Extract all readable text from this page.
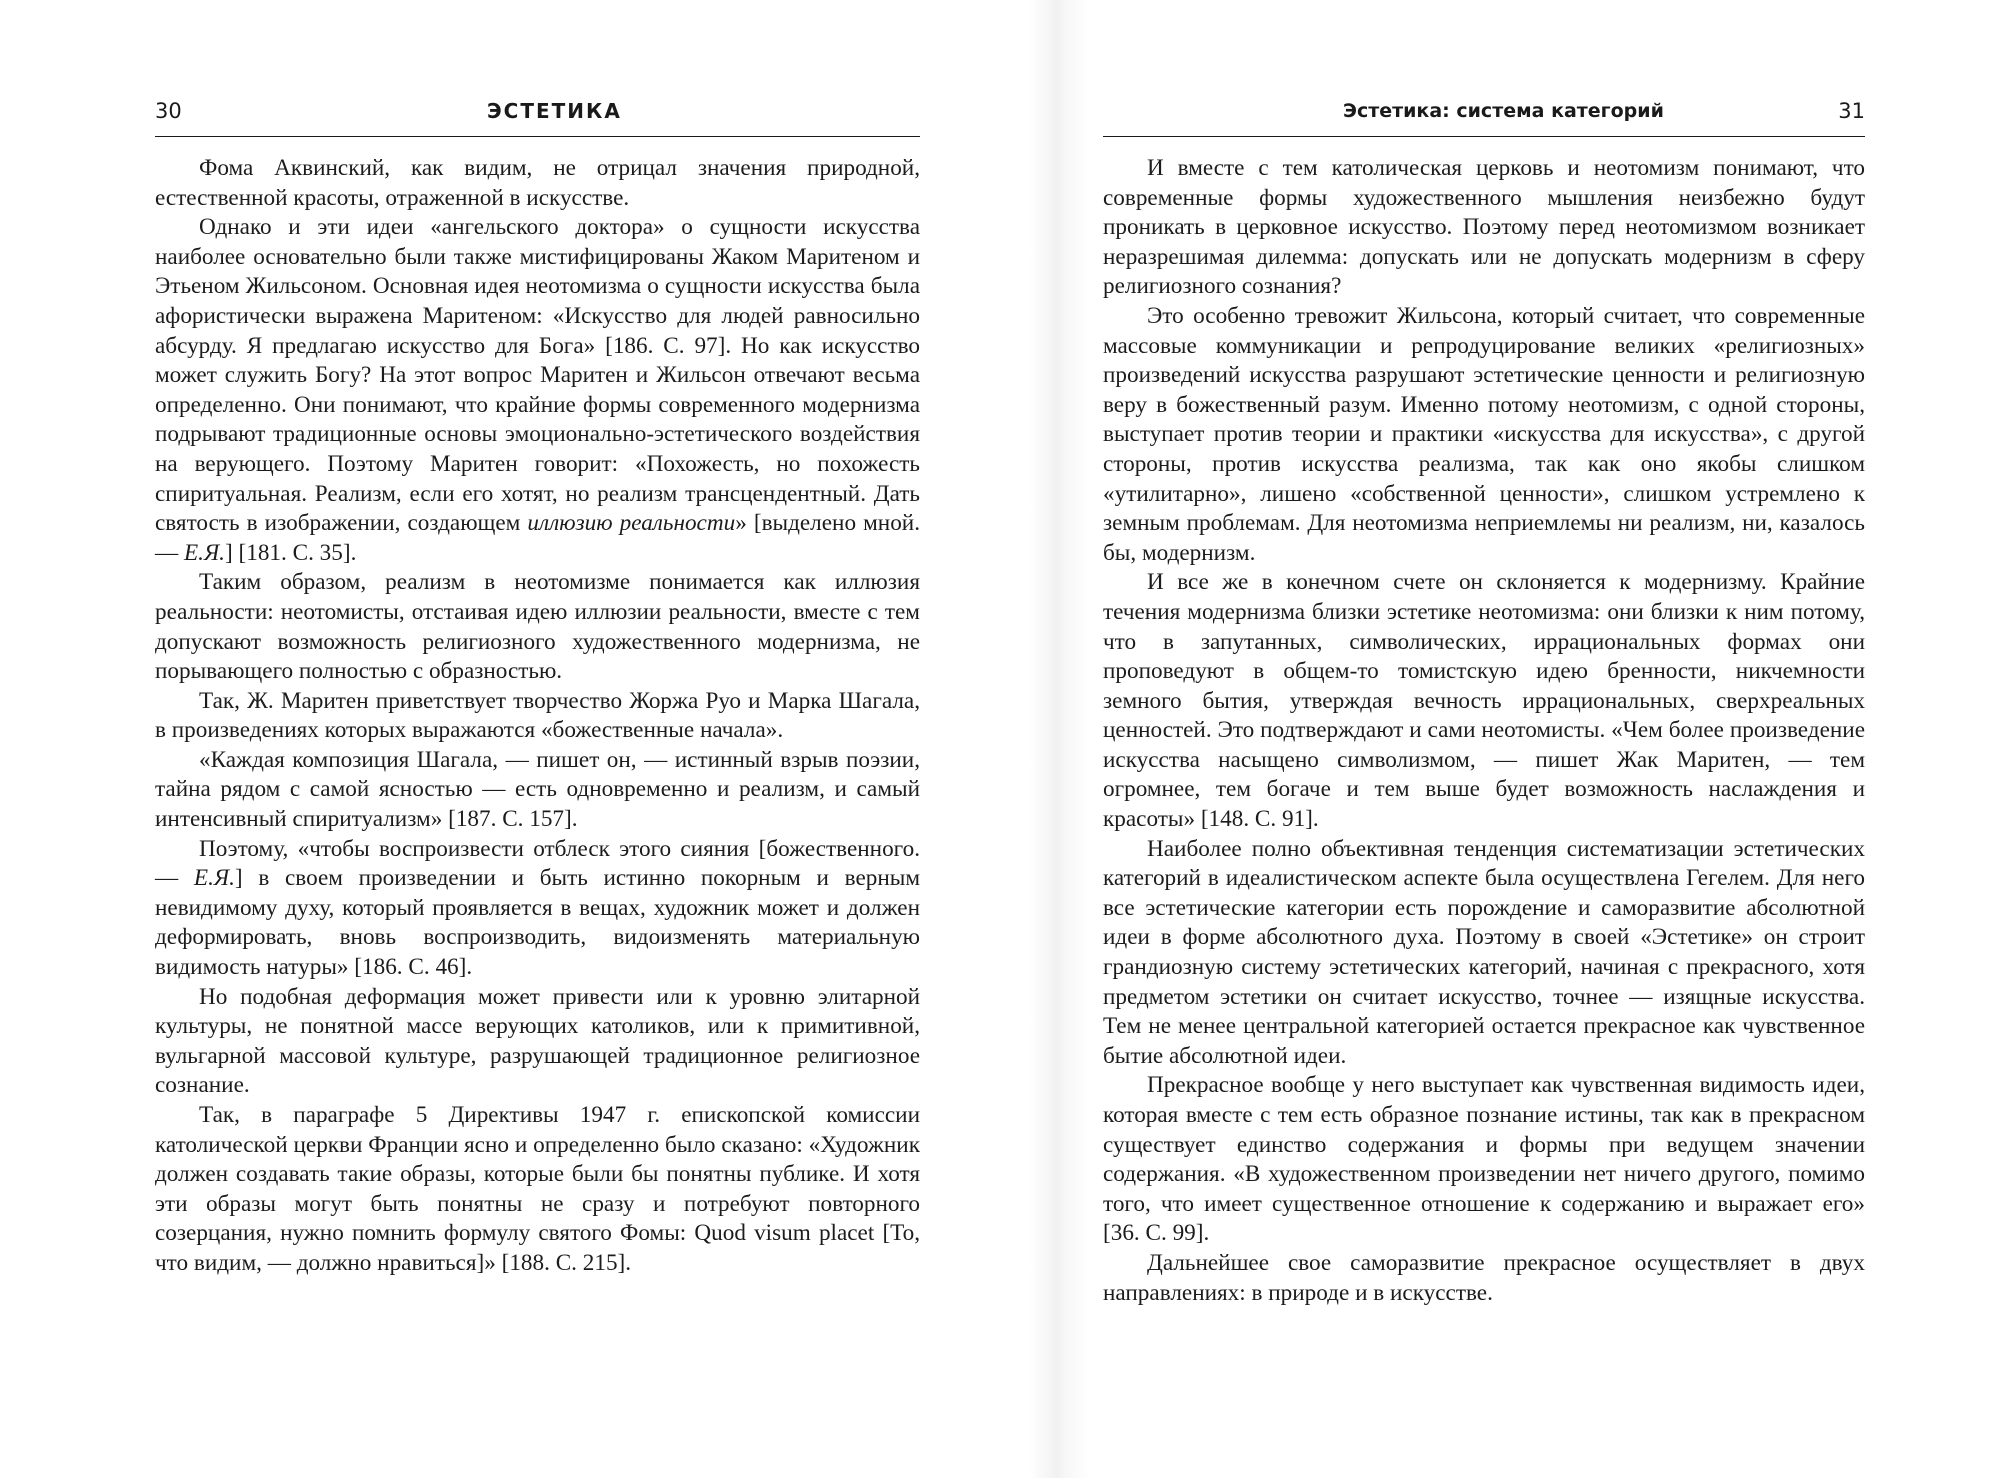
30	ЭСТЕТИКА

Фома Аквинский, как видим, не отрицал значения природной, естественной красоты, отраженной в искусстве.

Однако и эти идеи «ангельского доктора» о сущности искусства наиболее основательно были также мистифицированы Жаком Маритеном и Этьеном Жильсоном. Основная идея неотомизма о сущности искусства была афористически выражена Маритеном: «Искусство для людей равносильно абсурду. Я предлагаю искусство для Бога» [186. С. 97]. Но как искусство может служить Богу? На этот вопрос Маритен и Жильсон отвечают весьма определенно. Они понимают, что крайние формы современного модернизма подрывают традиционные основы эмоционально-эстетического воздействия на верующего. Поэтому Маритен говорит: «Похожесть, но похожесть спиритуальная. Реализм, если его хотят, но реализм трансцендентный. Дать святость в изображении, создающем иллюзию реальности» [выделено мной. — Е.Я.] [181. С. 35].

Таким образом, реализм в неотомизме понимается как иллюзия реальности: неотомисты, отстаивая идею иллюзии реальности, вместе с тем допускают возможность религиозного художественного модернизма, не порывающего полностью с образностью.

Так, Ж. Маритен приветствует творчество Жоржа Руо и Марка Шагала, в произведениях которых выражаются «божественные начала».

«Каждая композиция Шагала, — пишет он, — истинный взрыв поэзии, тайна рядом с самой ясностью — есть одновременно и реализм, и самый интенсивный спиритуализм» [187. С. 157].

Поэтому, «чтобы воспроизвести отблеск этого сияния [божественного. — Е.Я.] в своем произведении и быть истинно покорным и верным невидимому духу, который проявляется в вещах, художник может и должен деформировать, вновь воспроизводить, видоизменять материальную видимость натуры» [186. С. 46].

Но подобная деформация может привести или к уровню элитарной культуры, не понятной массе верующих католиков, или к примитивной, вульгарной массовой культуре, разрушающей традиционное религиозное сознание.

Так, в параграфе 5 Директивы 1947 г. епископской комиссии католической церкви Франции ясно и определенно было сказано: «Художник должен создавать такие образы, которые были бы понятны публике. И хотя эти образы могут быть понятны не сразу и потребуют повторного созерцания, нужно помнить формулу святого Фомы: Quod visum placet [То, что видим, — должно нравиться]» [188. С. 215].

Эстетика: система категорий	31

И вместе с тем католическая церковь и неотомизм понимают, что современные формы художественного мышления неизбежно будут проникать в церковное искусство. Поэтому перед неотомизмом возникает неразрешимая дилемма: допускать или не допускать модернизм в сферу религиозного сознания?

Это особенно тревожит Жильсона, который считает, что современные массовые коммуникации и репродуцирование великих «религиозных» произведений искусства разрушают эстетические ценности и религиозную веру в божественный разум. Именно потому неотомизм, с одной стороны, выступает против теории и практики «искусства для искусства», с другой стороны, против искусства реализма, так как оно якобы слишком «утилитарно», лишено «собственной ценности», слишком устремлено к земным проблемам. Для неотомизма неприемлемы ни реализм, ни, казалось бы, модернизм.

И все же в конечном счете он склоняется к модернизму. Крайние течения модернизма близки эстетике неотомизма: они близки к ним потому, что в запутанных, символических, иррациональных формах они проповедуют в общем-то томистскую идею бренности, никчемности земного бытия, утверждая вечность иррациональных, сверхреальных ценностей. Это подтверждают и сами неотомисты. «Чем более произведение искусства насыщено символизмом, — пишет Жак Маритен, — тем огромнее, тем богаче и тем выше будет возможность наслаждения и красоты» [148. С. 91].

Наиболее полно объективная тенденция систематизации эстетических категорий в идеалистическом аспекте была осуществлена Гегелем. Для него все эстетические категории есть порождение и саморазвитие абсолютной идеи в форме абсолютного духа. Поэтому в своей «Эстетике» он строит грандиозную систему эстетических категорий, начиная с прекрасного, хотя предметом эстетики он считает искусство, точнее — изящные искусства. Тем не менее центральной категорией остается прекрасное как чувственное бытие абсолютной идеи.

Прекрасное вообще у него выступает как чувственная видимость идеи, которая вместе с тем есть образное познание истины, так как в прекрасном существует единство содержания и формы при ведущем значении содержания. «В художественном произведении нет ничего другого, помимо того, что имеет существенное отношение к содержанию и выражает его» [36. С. 99].

Дальнейшее свое саморазвитие прекрасное осуществляет в двух направлениях: в природе и в искусстве.
